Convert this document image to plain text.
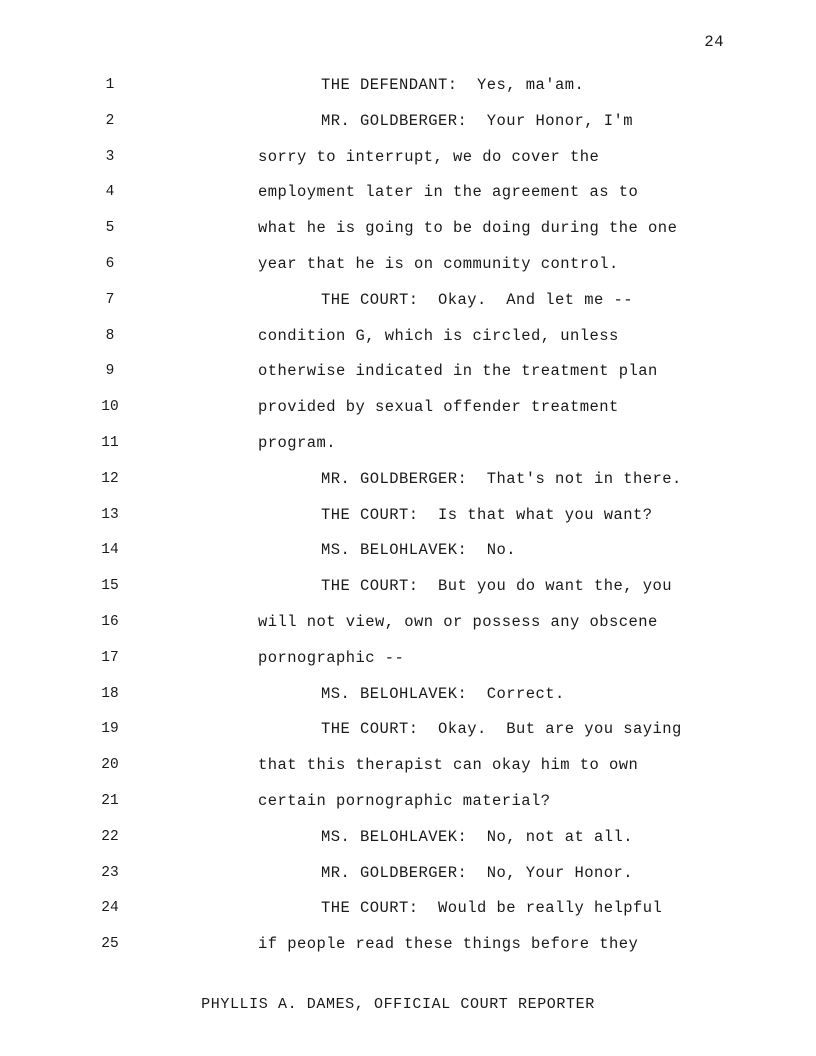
24
1	THE DEFENDANT:  Yes, ma'am.
2	MR. GOLDBERGER:  Your Honor, I'm
3	sorry to interrupt, we do cover the
4	employment later in the agreement as to
5	what he is going to be doing during the one
6	year that he is on community control.
7	THE COURT:  Okay.  And let me --
8	condition G, which is circled, unless
9	otherwise indicated in the treatment plan
10	provided by sexual offender treatment
11	program.
12	MR. GOLDBERGER:  That's not in there.
13	THE COURT:  Is that what you want?
14	MS. BELOHLAVEK:  No.
15	THE COURT:  But you do want the, you
16	will not view, own or possess any obscene
17	pornographic --
18	MS. BELOHLAVEK:  Correct.
19	THE COURT:  Okay.  But are you saying
20	that this therapist can okay him to own
21	certain pornographic material?
22	MS. BELOHLAVEK:  No, not at all.
23	MR. GOLDBERGER:  No, Your Honor.
24	THE COURT:  Would be really helpful
25	if people read these things before they
PHYLLIS A. DAMES, OFFICIAL COURT REPORTER
